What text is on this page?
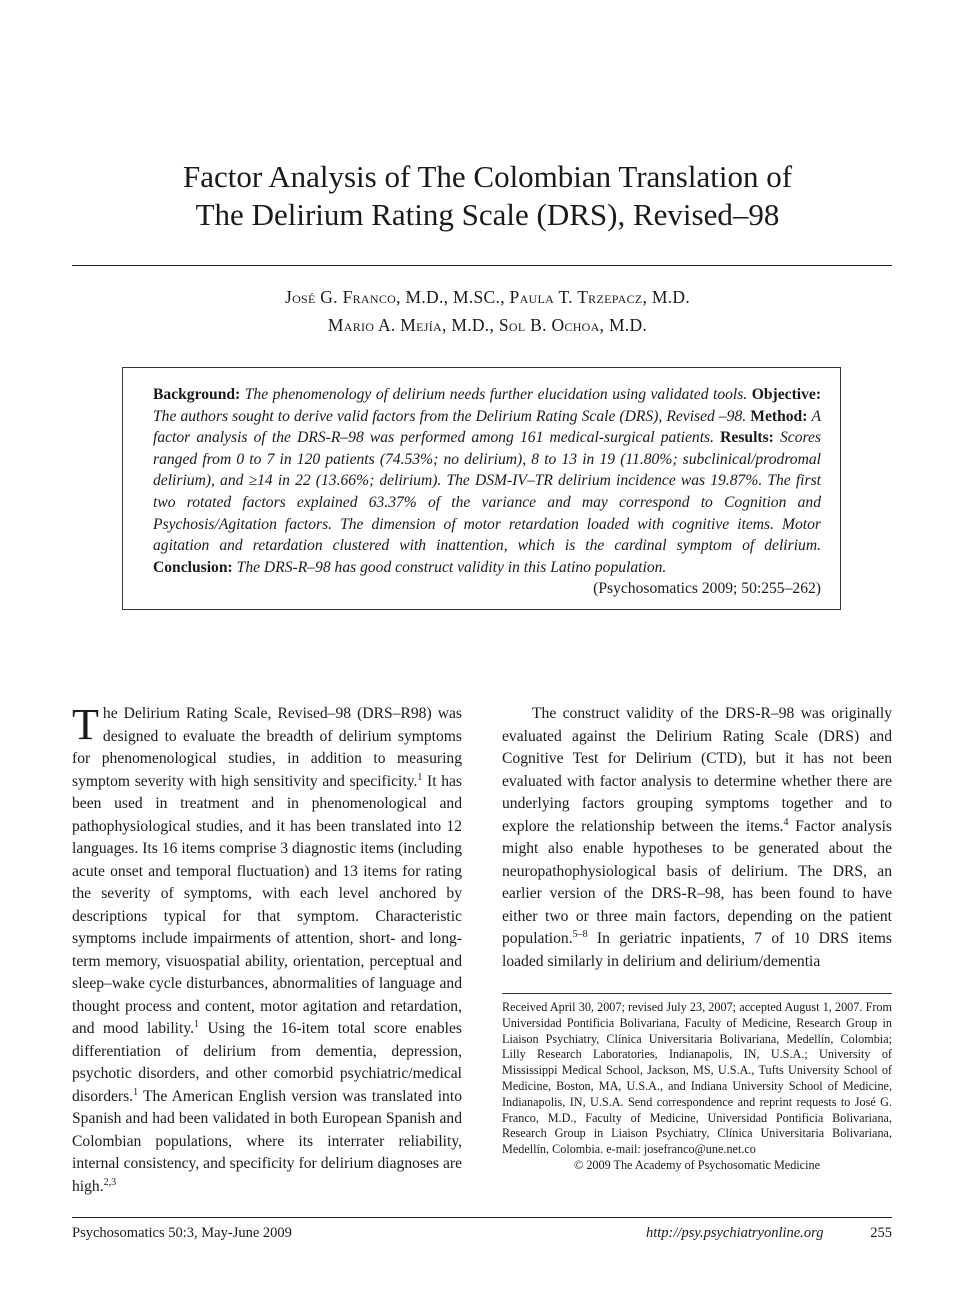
Factor Analysis of The Colombian Translation of
The Delirium Rating Scale (DRS), Revised–98
José G. Franco, M.D., M.SC., Paula T. Trzepacz, M.D.
Mario A. Mejía, M.D., Sol B. Ochoa, M.D.
Background: The phenomenology of delirium needs further elucidation using validated tools. Objective: The authors sought to derive valid factors from the Delirium Rating Scale (DRS), Revised –98. Method: A factor analysis of the DRS-R–98 was performed among 161 medical-surgical patients. Results: Scores ranged from 0 to 7 in 120 patients (74.53%; no delirium), 8 to 13 in 19 (11.80%; subclinical/prodromal delirium), and ≥14 in 22 (13.66%; delirium). The DSM-IV–TR delirium incidence was 19.87%. The first two rotated factors explained 63.37% of the variance and may correspond to Cognition and Psychosis/Agitation factors. The dimension of motor retardation loaded with cognitive items. Motor agitation and retardation clustered with inattention, which is the cardinal symptom of delirium. Conclusion: The DRS-R–98 has good construct validity in this Latino population.
(Psychosomatics 2009; 50:255–262)

The Delirium Rating Scale, Revised–98 (DRS–R98) was designed to evaluate the breadth of delirium symptoms for phenomenological studies, in addition to measuring symptom severity with high sensitivity and specificity.$^1$ It has been used in treatment and in phenomenological and pathophysiological studies, and it has been translated into 12 languages. Its 16 items comprise 3 diagnostic items (including acute onset and temporal fluctuation) and 13 items for rating the severity of symptoms, with each level anchored by descriptions typical for that symptom. Characteristic symptoms include impairments of attention, short- and long-term memory, visuospatial ability, orientation, perceptual and sleep–wake cycle disturbances, abnormalities of language and thought process and content, motor agitation and retardation, and mood lability.$^1$ Using the 16-item total score enables differentiation of delirium from dementia, depression, psychotic disorders, and other comorbid psychiatric/medical disorders.$^1$ The American English version was translated into Spanish and had been validated in both European Spanish and Colombian populations, where its interrater reliability, internal consistency, and specificity for delirium diagnoses are high.$^{2,3}$

The construct validity of the DRS-R–98 was originally evaluated against the Delirium Rating Scale (DRS) and Cognitive Test for Delirium (CTD), but it has not been evaluated with factor analysis to determine whether there are underlying factors grouping symptoms together and to explore the relationship between the items.$^4$ Factor analysis might also enable hypotheses to be generated about the neuropathophysiological basis of delirium. The DRS, an earlier version of the DRS-R–98, has been found to have either two or three main factors, depending on the patient population.$^{5-8}$ In geriatric inpatients, 7 of 10 DRS items loaded similarly in delirium and delirium/dementia

Received April 30, 2007; revised July 23, 2007; accepted August 1, 2007. From Universidad Pontificia Bolivariana, Faculty of Medicine, Research Group in Liaison Psychiatry, Clínica Universitaria Bolivariana, Medellín, Colombia; Lilly Research Laboratories, Indianapolis, IN, U.S.A.; University of Mississippi Medical School, Jackson, MS, U.S.A., Tufts University School of Medicine, Boston, MA, U.S.A., and Indiana University School of Medicine, Indianapolis, IN, U.S.A. Send correspondence and reprint requests to José G. Franco, M.D., Faculty of Medicine, Universidad Pontificia Bolivariana, Research Group in Liaison Psychiatry, Clínica Universitaria Bolivariana, Medellín, Colombia. e-mail: josefranco@une.net.co

© 2009 The Academy of Psychosomatic Medicine

Psychosomatics 50:3, May-June 2009	http://psy.psychiatryonline.org	255
